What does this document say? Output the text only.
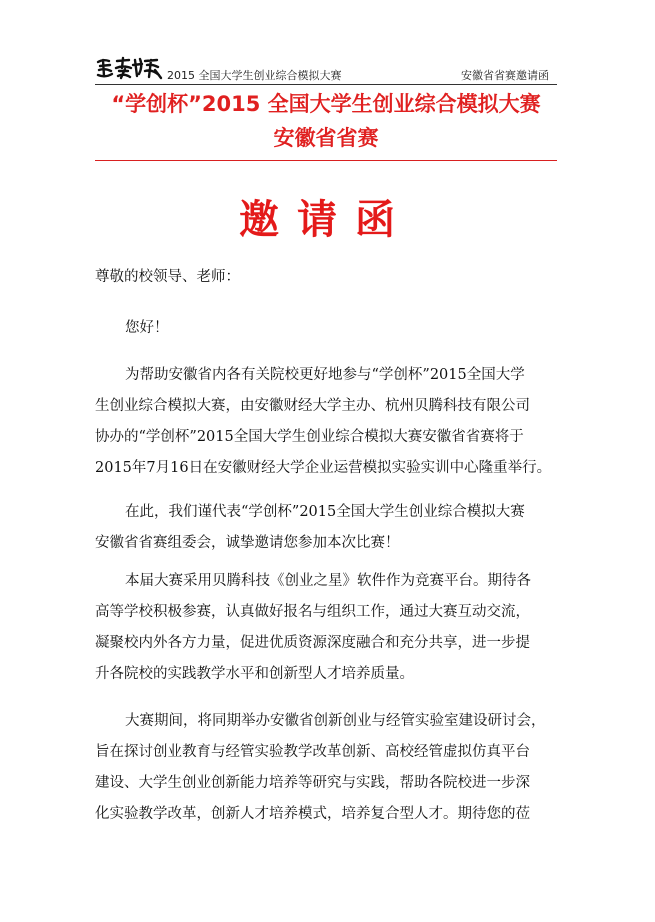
2015 全国大学生创业综合模拟大赛	安徽省省赛邀请函
“学创杯”2015 全国大学生创业综合模拟大赛
安徽省省赛
邀请函
尊敬的校领导、老师：
您好！
为帮助安徽省内各有关院校更好地参与“学创杯”2015全国大学
生创业综合模拟大赛，由安徽财经大学主办、杭州贝腾科技有限公司
协办的“学创杯”2015全国大学生创业综合模拟大赛安徽省省赛将于
2015年7月16日在安徽财经大学企业运营模拟实验实训中心隆重举行。
在此，我们谨代表“学创杯”2015全国大学生创业综合模拟大赛
安徽省省赛组委会，诚挚邀请您参加本次比赛！
本届大赛采用贝腾科技《创业之星》软件作为竞赛平台。期待各
高等学校积极参赛，认真做好报名与组织工作，通过大赛互动交流，
凝聚校内外各方力量，促进优质资源深度融合和充分共享，进一步提
升各院校的实践教学水平和创新型人才培养质量。
大赛期间，将同期举办安徽省创新创业与经管实验室建设研讨会，
旨在探讨创业教育与经管实验教学改革创新、高校经管虚拟仿真平台
建设、大学生创业创新能力培养等研究与实践，帮助各院校进一步深
化实验教学改革，创新人才培养模式，培养复合型人才。期待您的莅
